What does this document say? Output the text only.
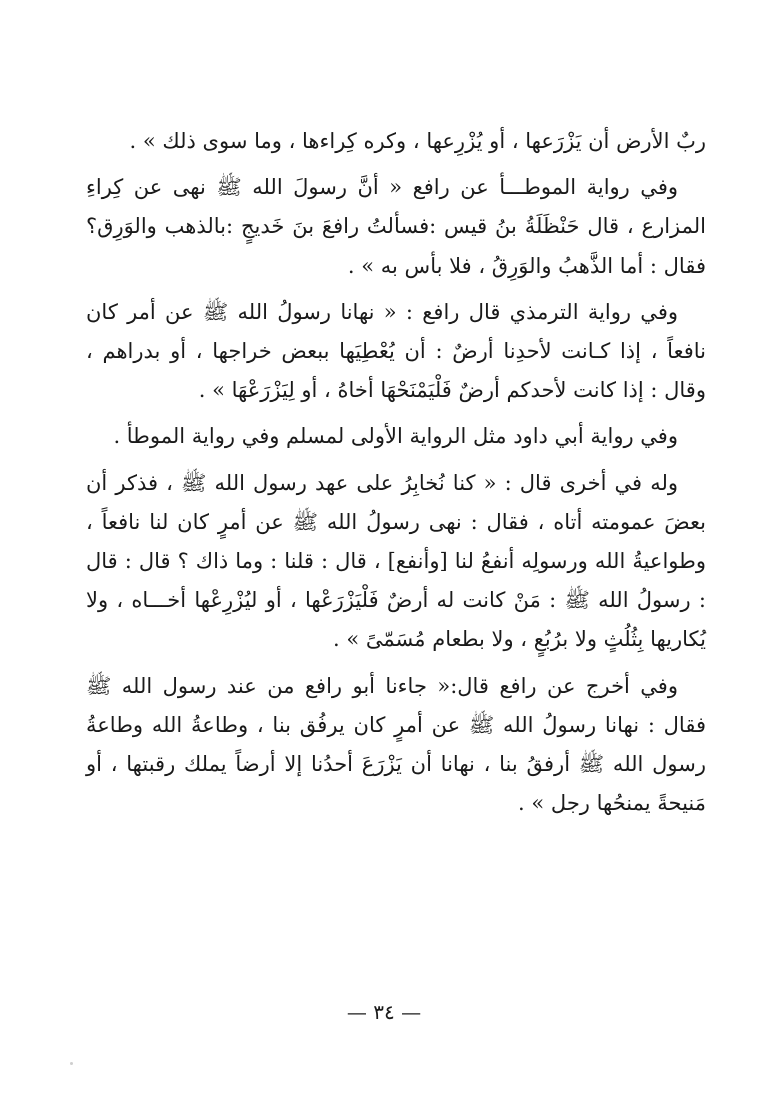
ربٌ الأرض أن يَزْرَعها ، أو يُزْرِعها ، وكره كِراءها ، وما سوى ذلك » .

وفي رواية الموطـــأ عن رافع « أنَّ رسولَ الله ﷺ نهى عن كِراءِ المزارع ، قال حَنْظَلَةُ بنُ قيس :فسألتُ رافعَ بنَ خَديجٍ :بالذهب والوَرِق؟ فقال : أما الذَّهبُ والوَرِقُ ، فلا بأس به » .

وفي رواية الترمذي قال رافع : « نهانا رسولُ الله ﷺ عن أمر كان نافعاً ، إذا كـانت لأحدِنا أرضٌ : أن يُعْطِيَها ببعض خراجها ، أو بدراهم ، وقال : إذا كانت لأحدكم أرضٌ فَلْيَمْنَحْهَا أخاهُ ، أو لِيَزْرَعْهَا » .

وفي رواية أبي داود مثل الرواية الأولى لمسلم وفي رواية الموطأ .

وله في أخرى قال : « كنا نُخابِرُ على عهد رسول الله ﷺ ، فذكر أن بعضَ عمومته أتاه ، فقال : نهى رسولُ الله ﷺ عن أمرٍ كان لنا نافعاً ، وطواعيةُ الله ورسولِه أنفعُ لنا [وأنفع] ، قال : قلنا : وما ذاك ؟ قال : قال : رسولُ الله ﷺ : مَنْ كانت له أرضٌ فَلْيَزْرَعْها ، أو ليُزْرِعْها أخـــاه ، ولا يُكاريها بِثُلُثٍ ولا برُبُعٍ ، ولا بطعام مُسَمّىً » .

وفي أخرج عن رافع قال:« جاءنا أبو رافع من عند رسول الله ﷺ فقال : نهانا رسولُ الله ﷺ عن أمرٍ كان يرفُق بنا ، وطاعةُ الله وطاعةُ رسول الله ﷺ أرفقُ بنا ، نهانا أن يَزْرَعَ أحدُنا إلا أرضاً يملك رقبتها ، أو مَنيحةً يمنحُها رجل » .

— ٣٤ —
